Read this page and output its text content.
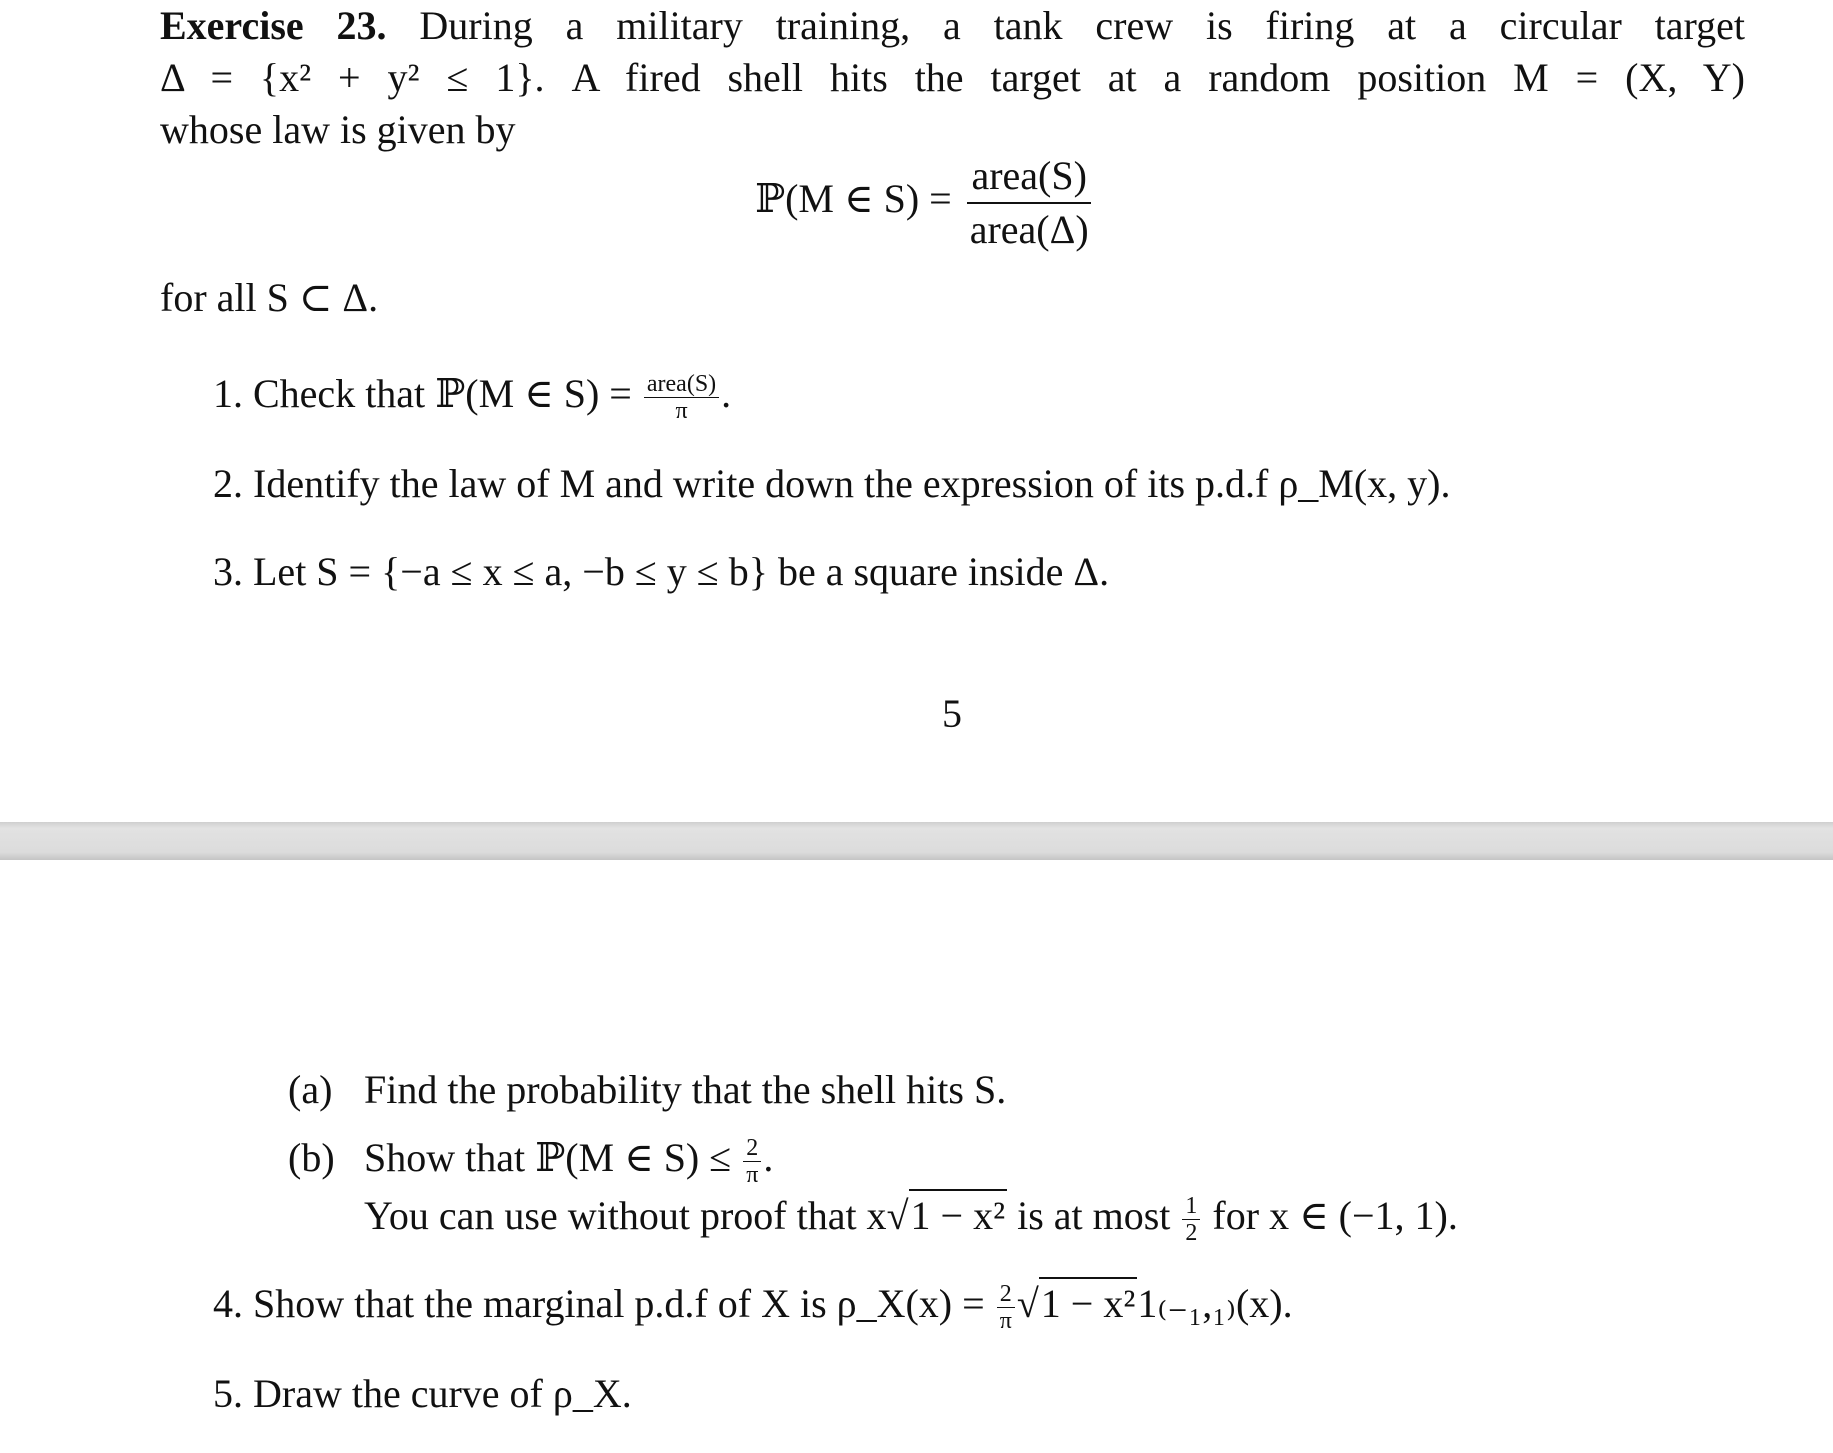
Exercise 23. During a military training, a tank crew is firing at a circular target
Δ = {x² + y² ≤ 1}. A fired shell hits the target at a random position M = (X, Y)
whose law is given by
ℙ(M ∈ $S) = \frac{\text{area(S)}}{\text{area(Δ)}}$
for all S ⊂ Δ.
1. Check that ℙ(M ∈ $S) = \frac{\text{area(S)}}{\pi}$ .
2. Identify the law of M and write down the expression of its p.d.f ρ_M(x, y).
3. Let S = {−a ≤ x ≤ a, −b ≤ y ≤ b} be a square inside Δ.
5
(a) Find the probability that the shell hits S.
(b) Show that ℙ(M ∈ $S) \le \frac{2}{\pi}$ .
You can use without proof that x√1 − x² is at most $\frac{1}{2}$ for x ∈ (−1, 1).
4. Show that the marginal p.d.f of X is ρ_X(x) = $\frac{2}{\pi} √1 - x^21_{(-1},_{1)}(x)$.
5. Draw the curve of ρ_X.
